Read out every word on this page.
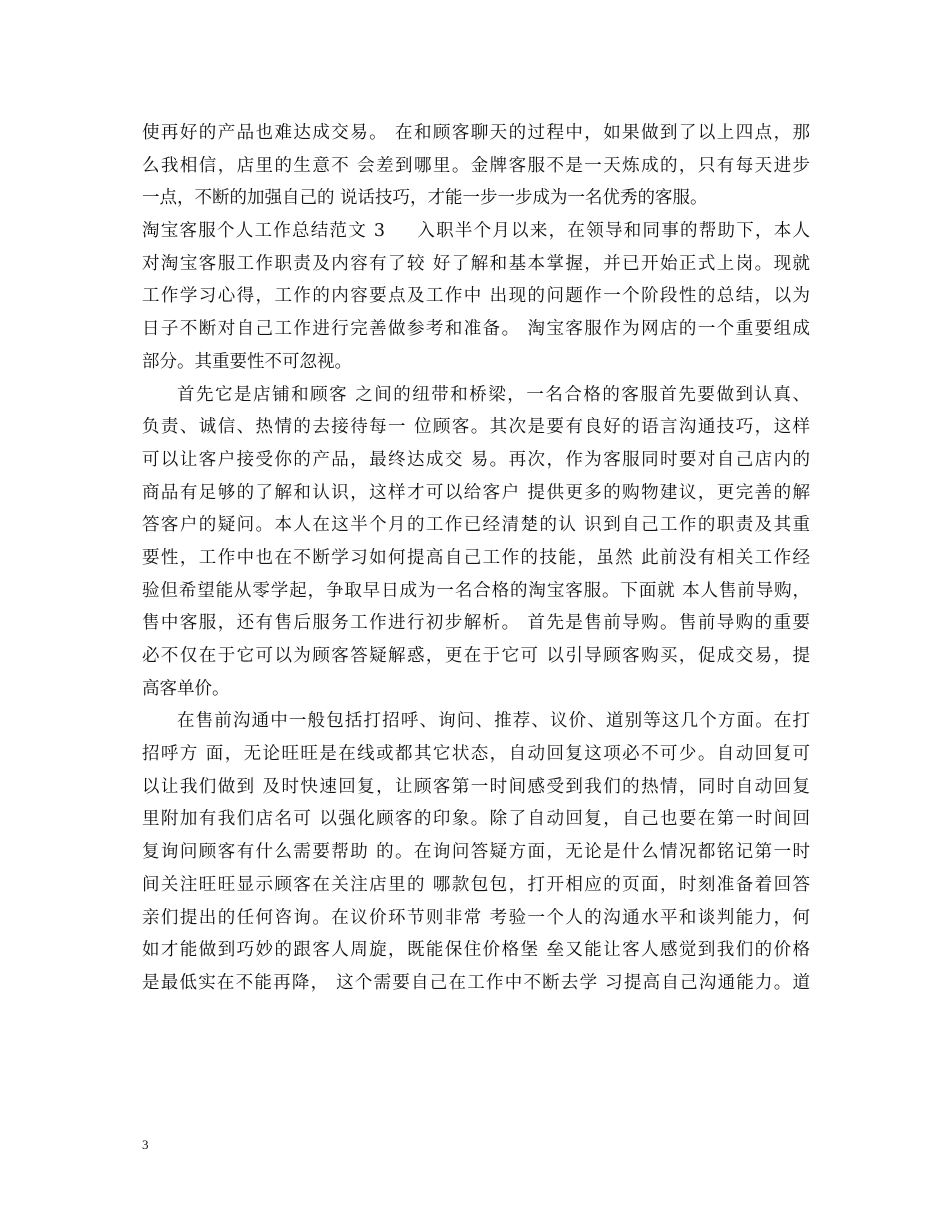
使再好的产品也难达成交易。 在和顾客聊天的过程中，如果做到了以上四点，那
么我相信，店里的生意不 会差到哪里。金牌客服不是一天炼成的，只有每天进步
一点，不断的加强自己的 说话技巧，才能一步一步成为一名优秀的客服。
淘宝客服个人工作总结范文 3 　 入职半个月以来，在领导和同事的帮助下，本人
对淘宝客服工作职责及内容有了较 好了解和基本掌握，并已开始正式上岗。现就
工作学习心得，工作的内容要点及工作中 出现的问题作一个阶段性的总结，以为
日子不断对自己工作进行完善做参考和准备。 淘宝客服作为网店的一个重要组成
部分。其重要性不可忽视。
首先它是店铺和顾客 之间的纽带和桥梁，一名合格的客服首先要做到认真、
负责、诚信、热情的去接待每一 位顾客。其次是要有良好的语言沟通技巧，这样
可以让客户接受你的产品，最终达成交 易。再次，作为客服同时要对自己店内的
商品有足够的了解和认识，这样才可以给客户 提供更多的购物建议，更完善的解
答客户的疑问。本人在这半个月的工作已经清楚的认 识到自己工作的职责及其重
要性，工作中也在不断学习如何提高自己工作的技能，虽然 此前没有相关工作经
验但希望能从零学起，争取早日成为一名合格的淘宝客服。下面就 本人售前导购，
售中客服，还有售后服务工作进行初步解析。 首先是售前导购。售前导购的重要
必不仅在于它可以为顾客答疑解惑，更在于它可 以引导顾客购买，促成交易，提
高客单价。
在售前沟通中一般包括打招呼、询问、推荐、议价、道别等这几个方面。在打
招呼方 面，无论旺旺是在线或都其它状态，自动回复这项必不可少。自动回复可
以让我们做到 及时快速回复，让顾客第一时间感受到我们的热情，同时自动回复
里附加有我们店名可 以强化顾客的印象。除了自动回复，自己也要在第一时间回
复询问顾客有什么需要帮助 的。在询问答疑方面，无论是什么情况都铭记第一时
间关注旺旺显示顾客在关注店里的 哪款包包，打开相应的页面，时刻准备着回答
亲们提出的任何咨询。在议价环节则非常 考验一个人的沟通水平和谈判能力，何
如才能做到巧妙的跟客人周旋，既能保住价格堡 垒又能让客人感觉到我们的价格
是最低实在不能再降， 这个需要自己在工作中不断去学 习提高自己沟通能力。道
3
